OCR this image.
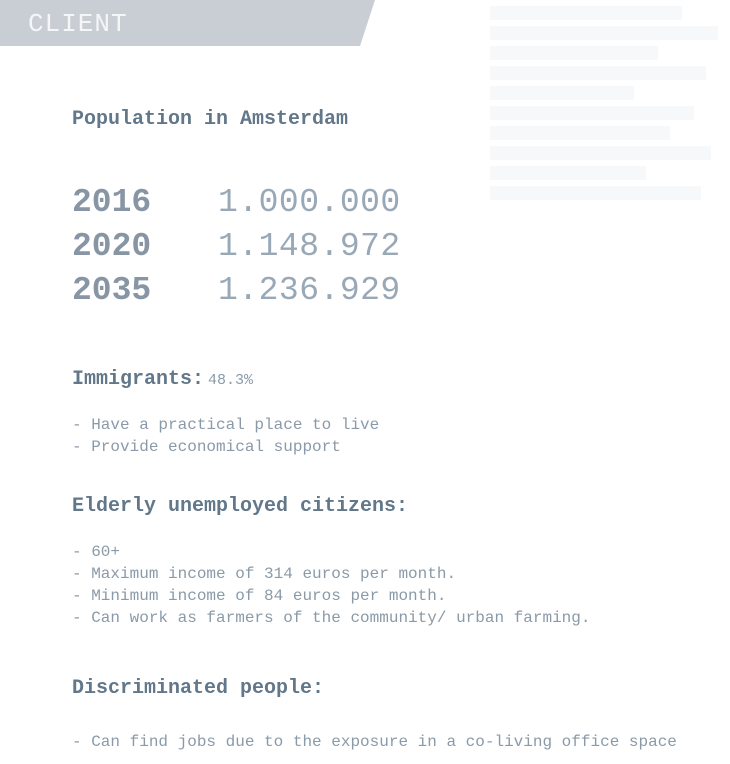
CLIENT
Population in Amsterdam
2016 1.000.000
2020 1.148.972
2035 1.236.929
Immigrants: 48.3%
- Have a practical place to live
- Provide economical support
Elderly unemployed citizens:
- 60+
- Maximum income of 314 euros per month.
- Minimum income of 84 euros per month.
- Can work as farmers of the community/ urban farming.
Discriminated people:
- Can find jobs due to the exposure in a co-living office space
